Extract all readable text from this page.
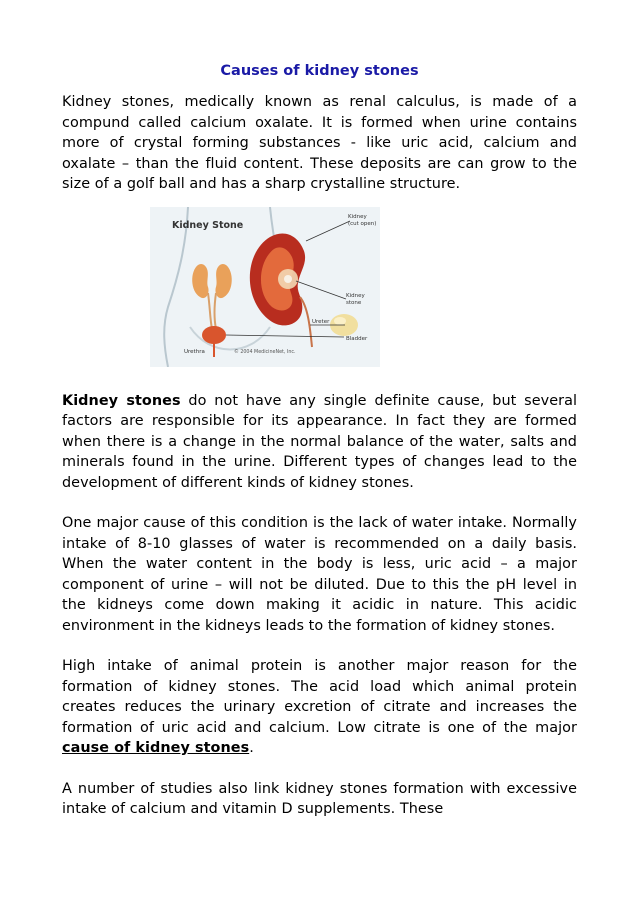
Causes of kidney stones

Kidney stones, medically known as renal calculus, is made of a compund called calcium oxalate. It is formed when urine contains more of crystal forming substances - like uric acid, calcium and oxalate – than the fluid content. These deposits are can grow to the size of a golf ball and has a sharp crystalline structure.

Kidney Stone
Kidney
(cut open)
Kidney
stone
Ureter
Bladder
Urethra	© 2004 MedicineNet, Inc.

Kidney stones do not have any single definite cause, but several factors are responsible for its appearance. In fact they are formed when there is a change in the normal balance of the water, salts and minerals found in the urine. Different types of changes lead to the development of different kinds of kidney stones.

One major cause of this condition is the lack of water intake. Normally intake of 8-10 glasses of water is recommended on a daily basis. When the water content in the body is less, uric acid – a major component of urine – will not be diluted. Due to this the pH level in the kidneys come down making it acidic in nature. This acidic environment in the kidneys leads to the formation of kidney stones.

High intake of animal protein is another major reason for the formation of kidney stones. The acid load which animal protein creates reduces the urinary excretion of citrate and increases the formation of uric acid and calcium. Low citrate is one of the major cause of kidney stones.

A number of studies also link kidney stones formation with excessive intake of calcium and vitamin D supplements. These
